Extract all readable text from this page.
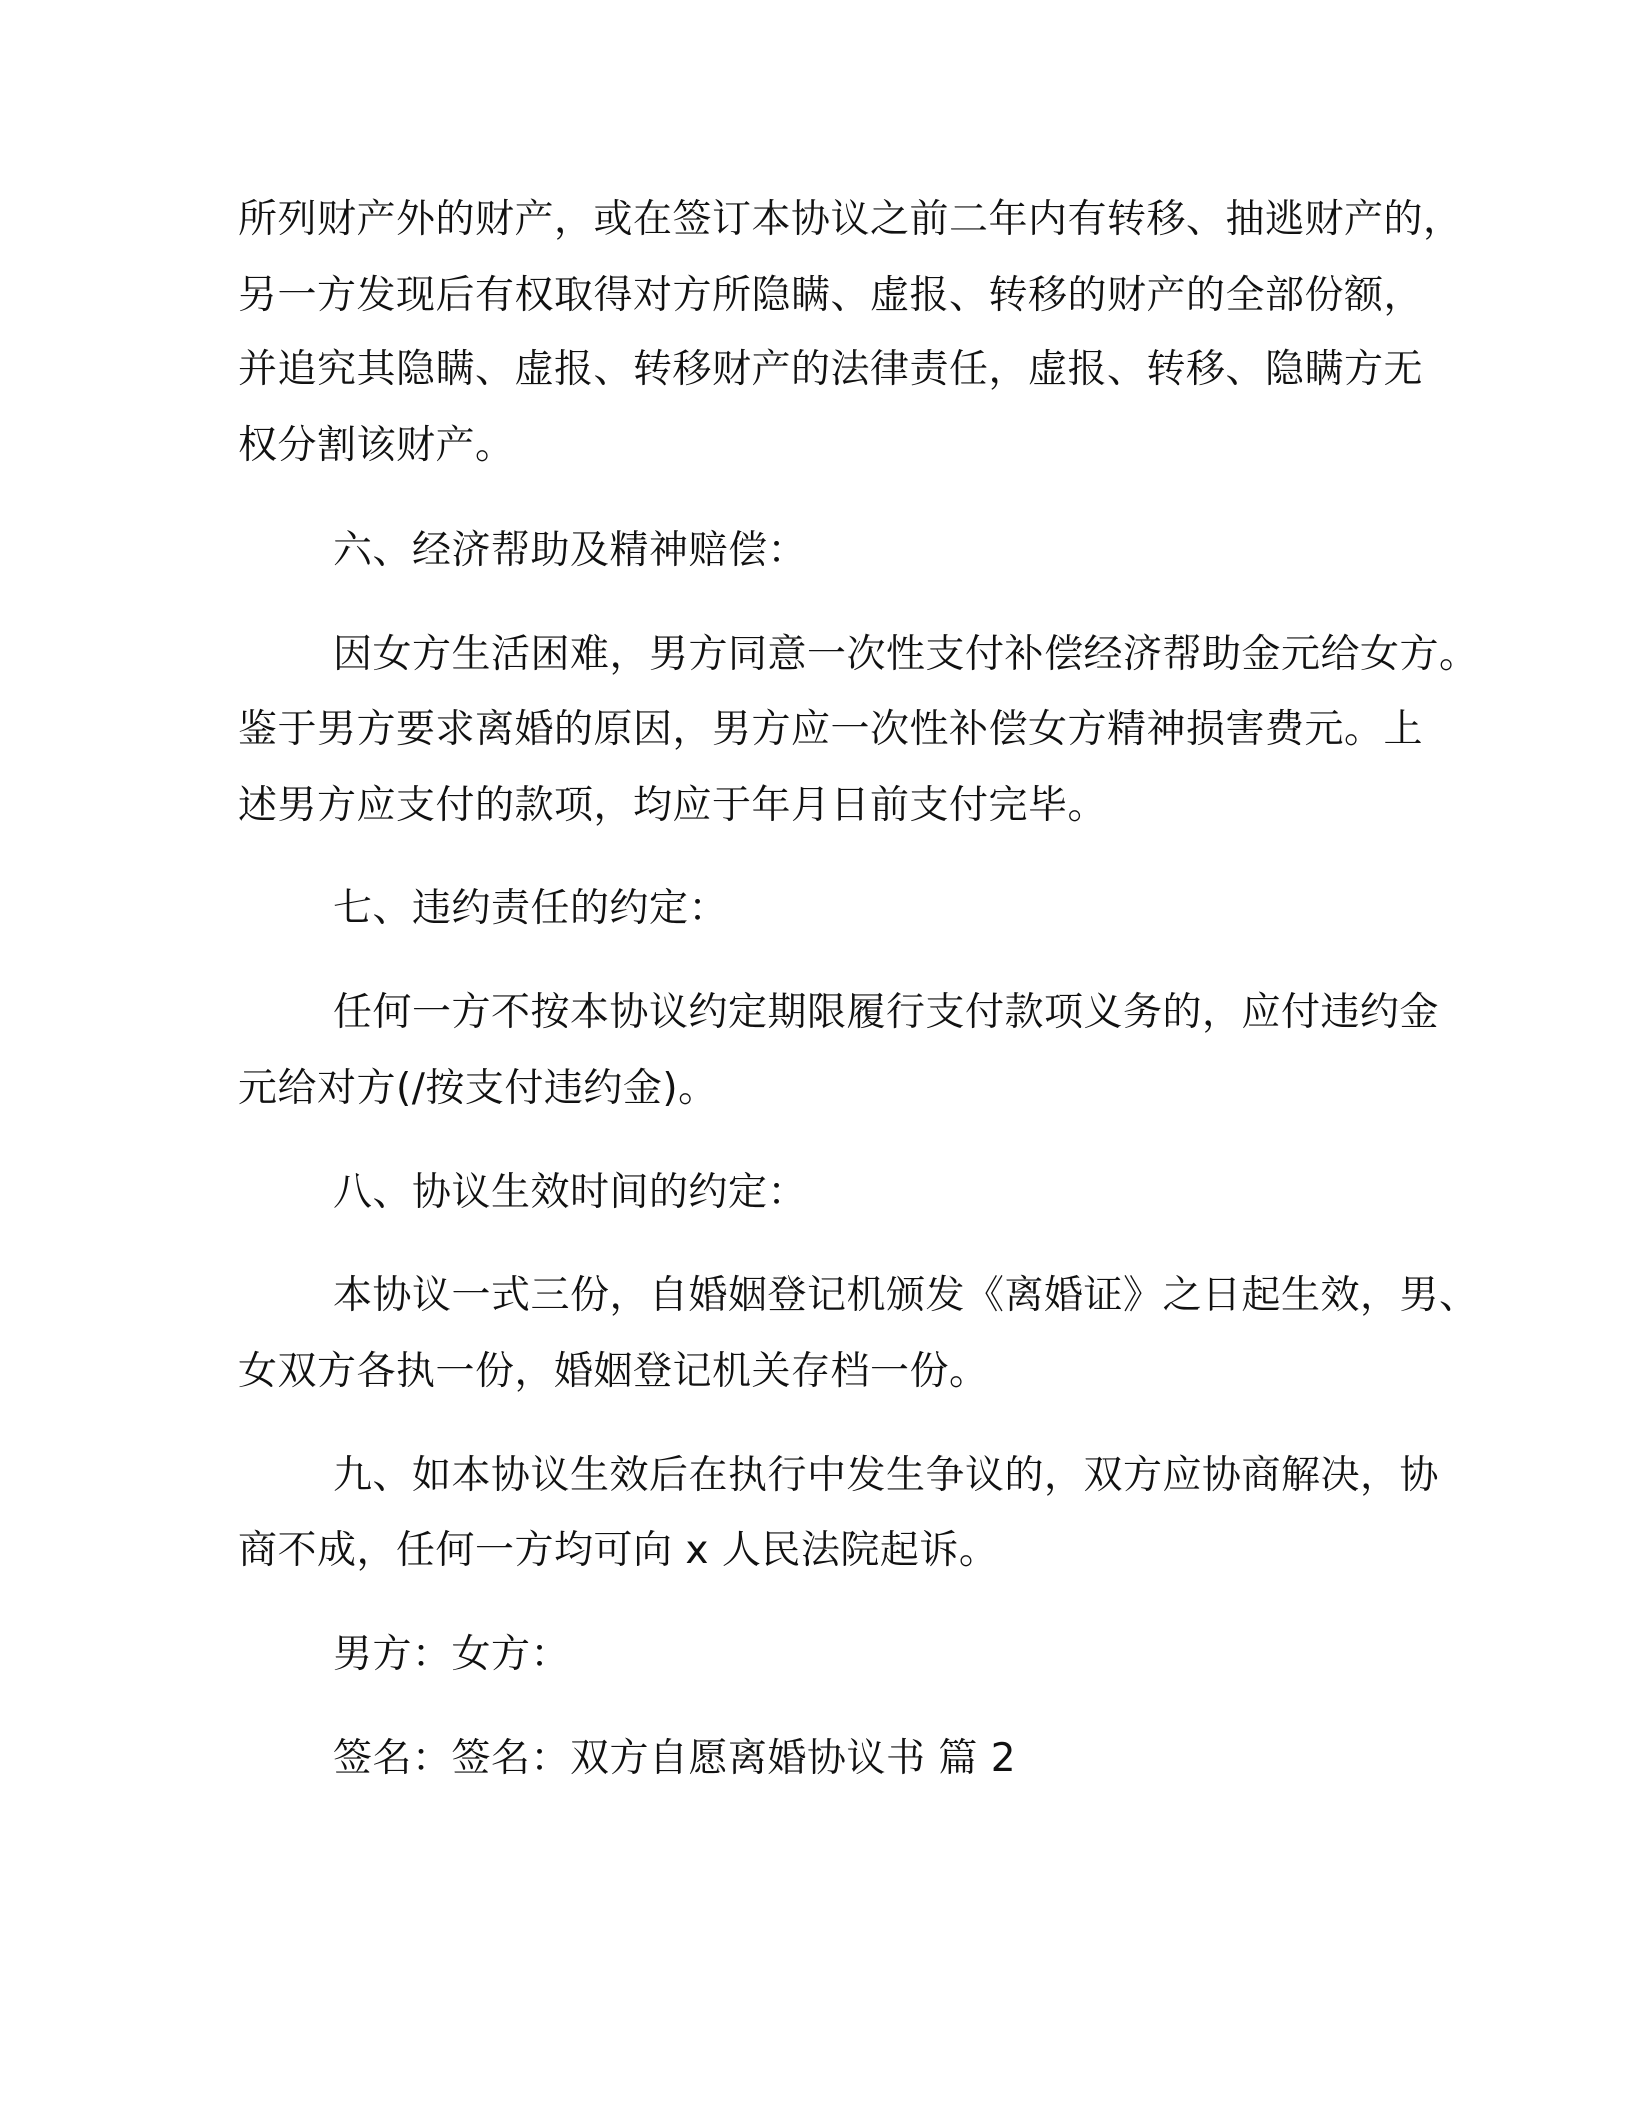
所列财产外的财产，或在签订本协议之前二年内有转移、抽逃财产的，
另一方发现后有权取得对方所隐瞒、虚报、转移的财产的全部份额，
并追究其隐瞒、虚报、转移财产的法律责任，虚报、转移、隐瞒方无
权分割该财产。
六、经济帮助及精神赔偿：
因女方生活困难，男方同意一次性支付补偿经济帮助金元给女方。
鉴于男方要求离婚的原因，男方应一次性补偿女方精神损害费元。上
述男方应支付的款项，均应于年月日前支付完毕。
七、违约责任的约定：
任何一方不按本协议约定期限履行支付款项义务的，应付违约金
元给对方(/按支付违约金)。
八、协议生效时间的约定：
本协议一式三份，自婚姻登记机颁发《离婚证》之日起生效，男、
女双方各执一份，婚姻登记机关存档一份。
九、如本协议生效后在执行中发生争议的，双方应协商解决，协
商不成，任何一方均可向 x 人民法院起诉。
男方：女方：
签名：签名：双方自愿离婚协议书 篇 2
